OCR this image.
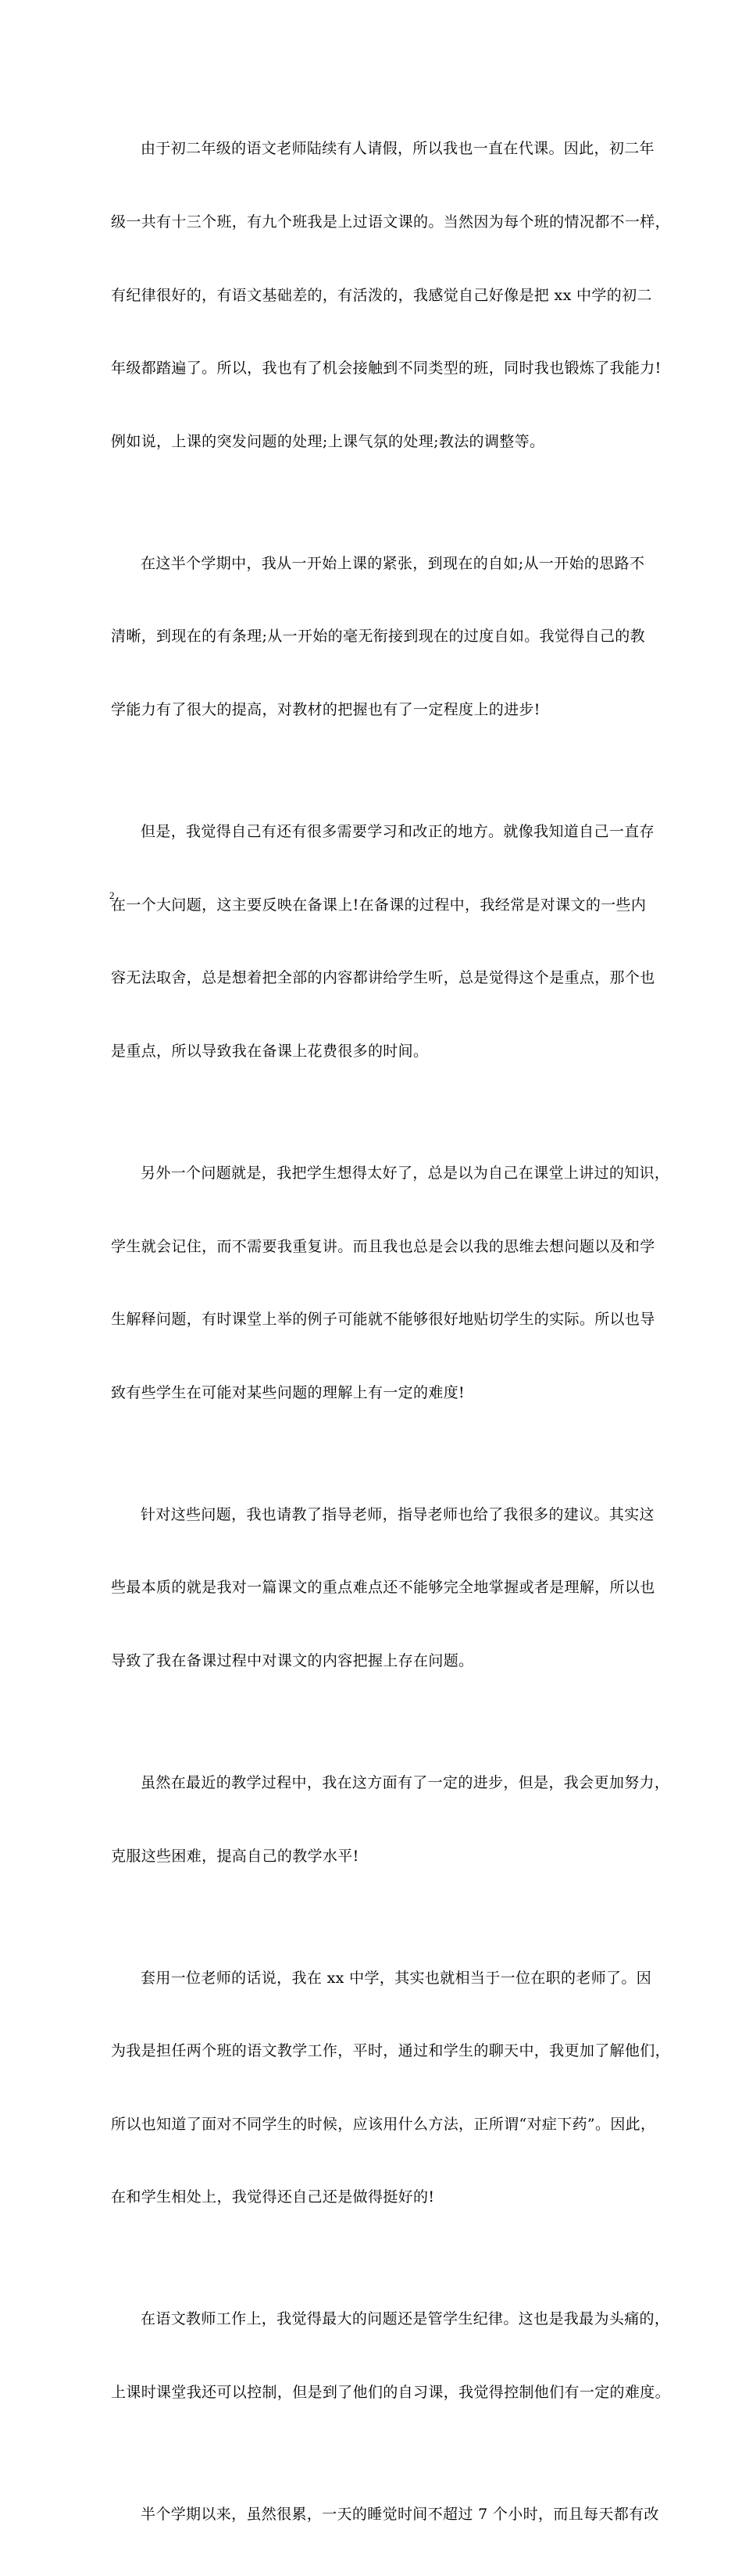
由于初二年级的语文老师陆续有人请假，所以我也一直在代课。因此，初二年

级一共有十三个班，有九个班我是上过语文课的。当然因为每个班的情况都不一样，

有纪律很好的，有语文基础差的，有活泼的，我感觉自己好像是把 xx 中学的初二

年级都踏遍了。所以，我也有了机会接触到不同类型的班，同时我也锻炼了我能力!

例如说，上课的突发问题的处理;上课气氛的处理;教法的调整等。

在这半个学期中，我从一开始上课的紧张，到现在的自如;从一开始的思路不

清晰，到现在的有条理;从一开始的毫无衔接到现在的过度自如。我觉得自己的教

学能力有了很大的提高，对教材的把握也有了一定程度上的进步!

但是，我觉得自己有还有很多需要学习和改正的地方。就像我知道自己一直存

在一个大问题，这主要反映在备课上!在备课的过程中，我经常是对课文的一些内

容无法取舍，总是想着把全部的内容都讲给学生听，总是觉得这个是重点，那个也

是重点，所以导致我在备课上花费很多的时间。

另外一个问题就是，我把学生想得太好了，总是以为自己在课堂上讲过的知识，

学生就会记住，而不需要我重复讲。而且我也总是会以我的思维去想问题以及和学

生解释问题，有时课堂上举的例子可能就不能够很好地贴切学生的实际。所以也导

致有些学生在可能对某些问题的理解上有一定的难度!

针对这些问题，我也请教了指导老师，指导老师也给了我很多的建议。其实这

些最本质的就是我对一篇课文的重点难点还不能够完全地掌握或者是理解，所以也

导致了我在备课过程中对课文的内容把握上存在问题。

虽然在最近的教学过程中，我在这方面有了一定的进步，但是，我会更加努力，

克服这些困难，提高自己的教学水平!

套用一位老师的话说，我在 xx 中学，其实也就相当于一位在职的老师了。因

为我是担任两个班的语文教学工作，平时，通过和学生的聊天中，我更加了解他们，

所以也知道了面对不同学生的时候，应该用什么方法，正所谓“对症下药”。因此，

在和学生相处上，我觉得还自己还是做得挺好的!

在语文教师工作上，我觉得最大的问题还是管学生纪律。这也是我最为头痛的，

上课时课堂我还可以控制，但是到了他们的自习课，我觉得控制他们有一定的难度。

半个学期以来，虽然很累，一天的睡觉时间不超过 7 个小时，而且每天都有改

2
